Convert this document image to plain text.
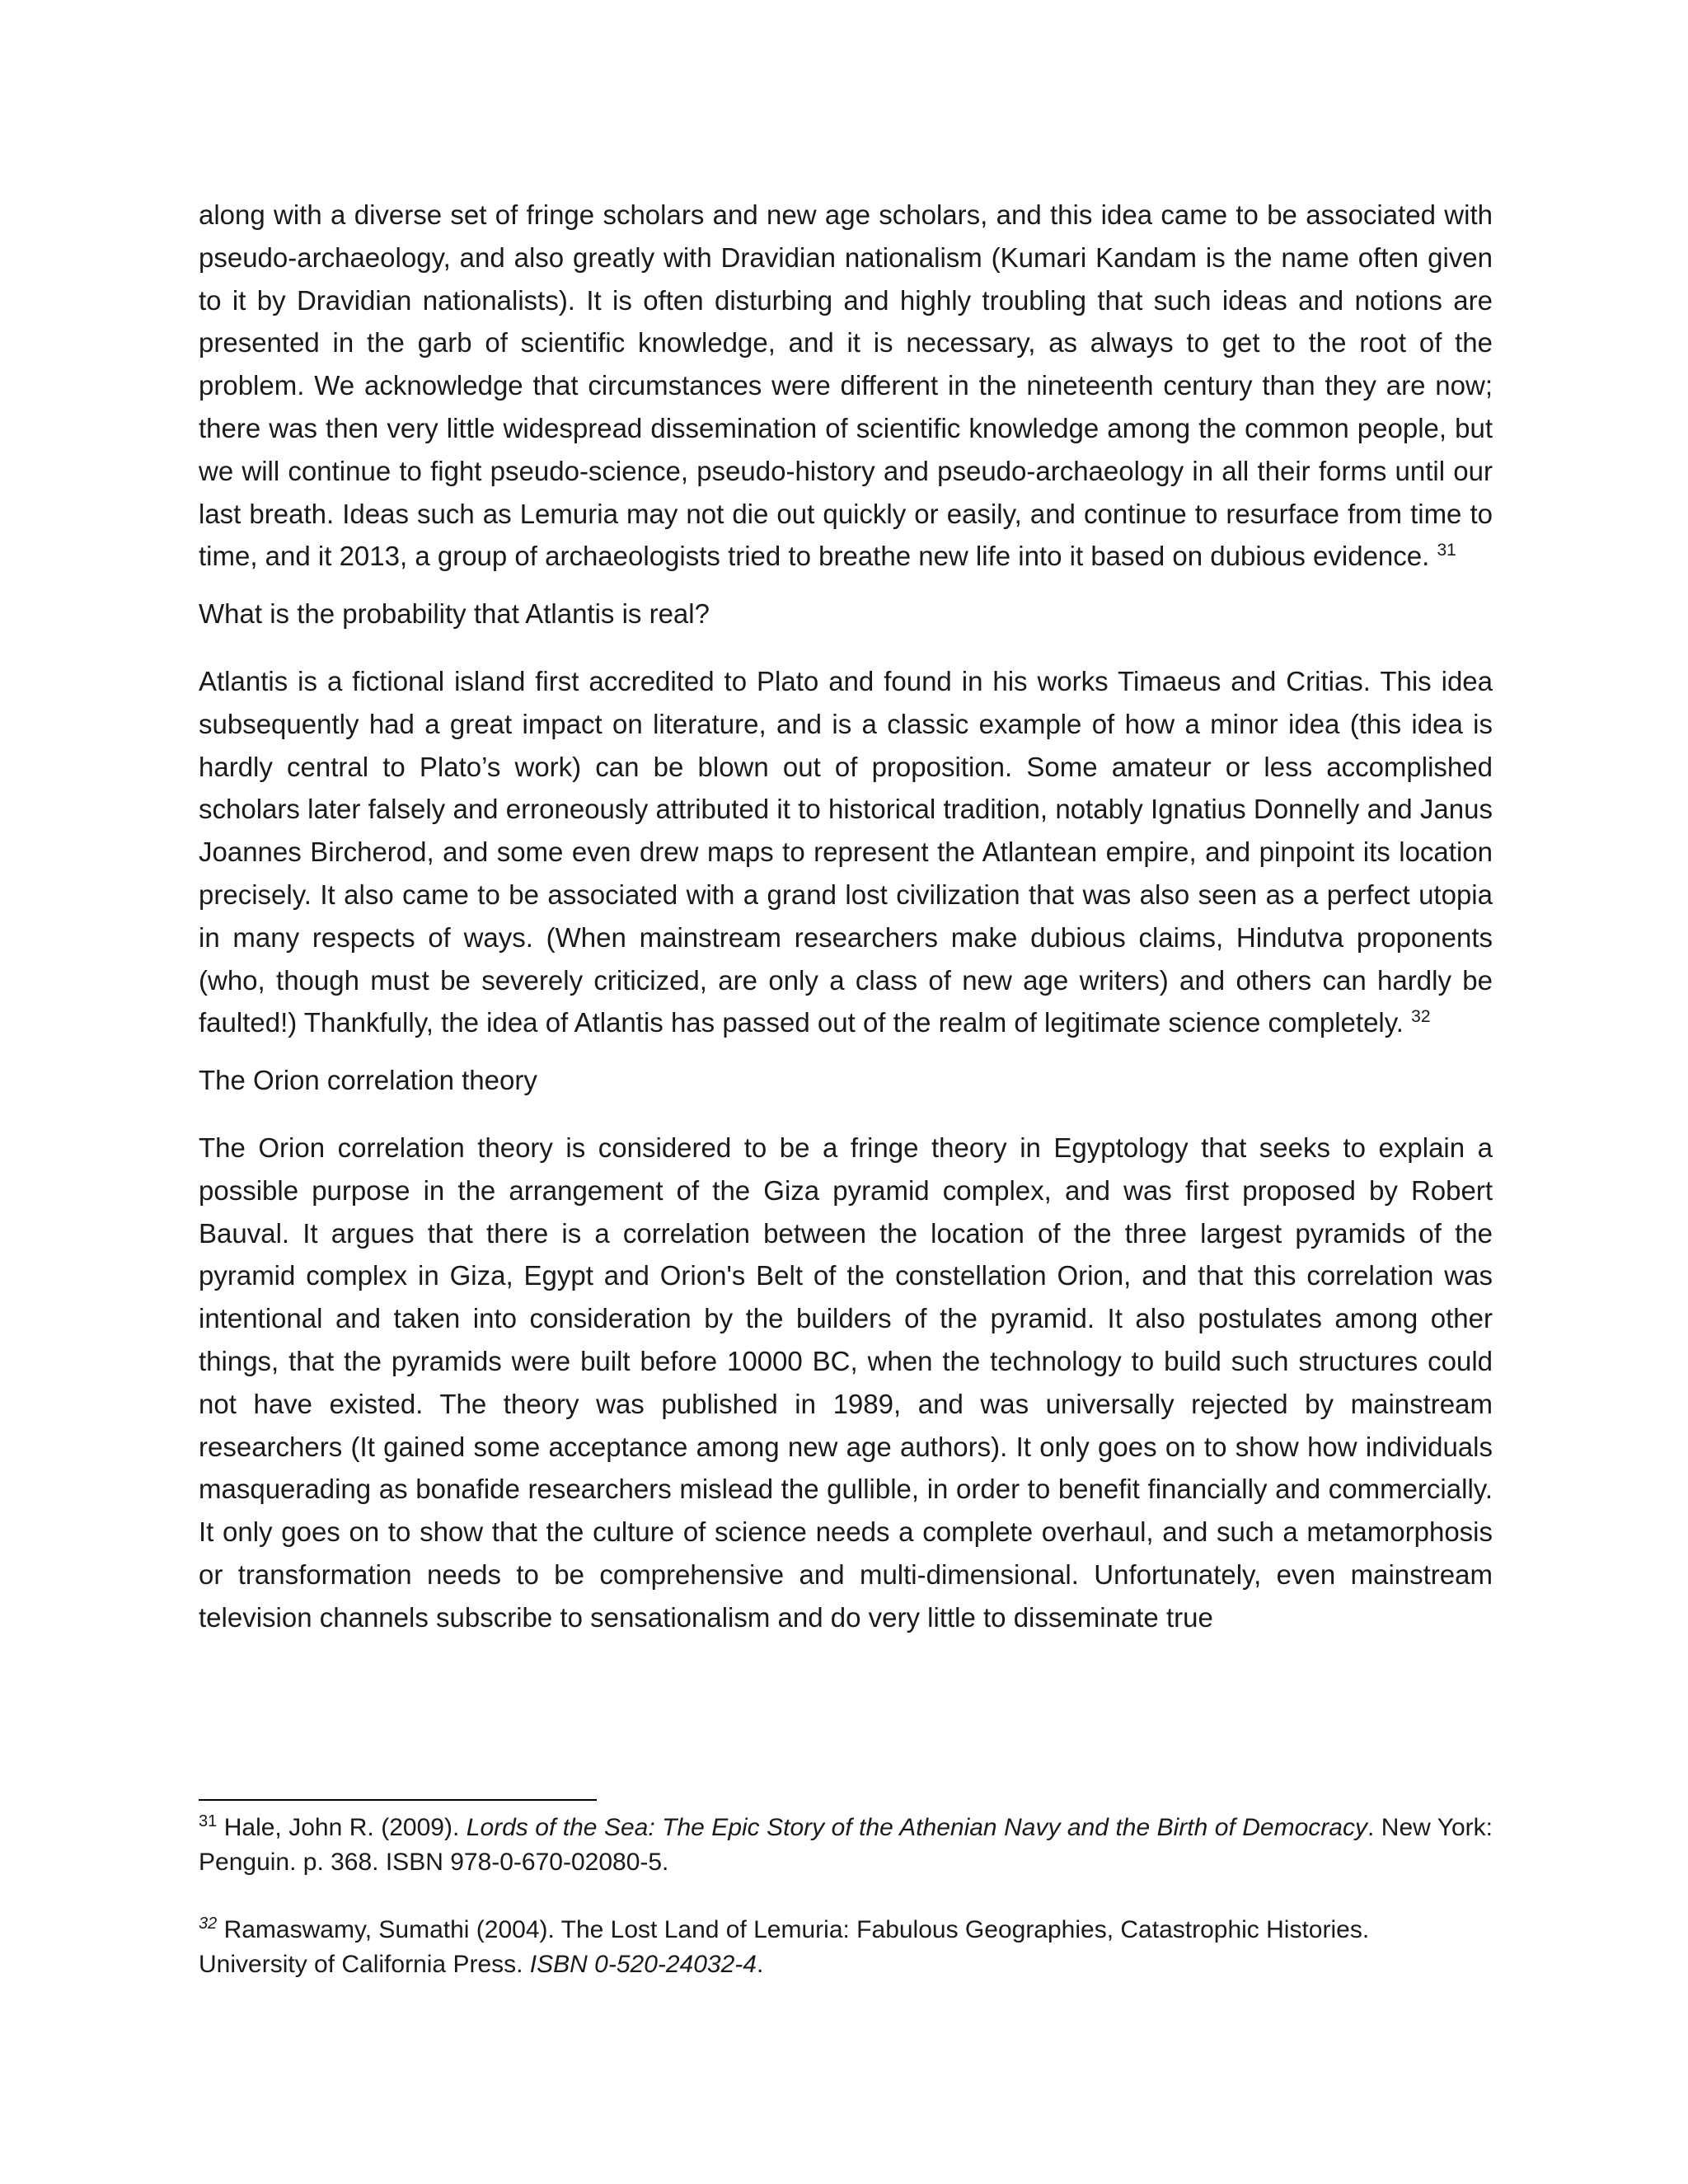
along with a diverse set of fringe scholars and new age scholars, and this idea came to be associated with pseudo-archaeology, and also greatly with Dravidian nationalism (Kumari Kandam is the name often given to it by Dravidian nationalists). It is often disturbing and highly troubling that such ideas and notions are presented in the garb of scientific knowledge, and it is necessary, as always to get to the root of the problem. We acknowledge that circumstances were different in the nineteenth century than they are now; there was then very little widespread dissemination of scientific knowledge among the common people, but we will continue to fight pseudo-science, pseudo-history and pseudo-archaeology in all their forms until our last breath. Ideas such as Lemuria may not die out quickly or easily, and continue to resurface from time to time, and it 2013, a group of archaeologists tried to breathe new life into it based on dubious evidence. $^{31}$

What is the probability that Atlantis is real?

Atlantis is a fictional island first accredited to Plato and found in his works Timaeus and Critias. This idea subsequently had a great impact on literature, and is a classic example of how a minor idea (this idea is hardly central to Plato’s work) can be blown out of proposition. Some amateur or less accomplished scholars later falsely and erroneously attributed it to historical tradition, notably Ignatius Donnelly and Janus Joannes Bircherod, and some even drew maps to represent the Atlantean empire, and pinpoint its location precisely. It also came to be associated with a grand lost civilization that was also seen as a perfect utopia in many respects of ways. (When mainstream researchers make dubious claims, Hindutva proponents (who, though must be severely criticized, are only a class of new age writers) and others can hardly be faulted!) Thankfully, the idea of Atlantis has passed out of the realm of legitimate science completely. $^{32}$

The Orion correlation theory

The Orion correlation theory is considered to be a fringe theory in Egyptology that seeks to explain a possible purpose in the arrangement of the Giza pyramid complex, and was first proposed by Robert Bauval. It argues that there is a correlation between the location of the three largest pyramids of the pyramid complex in Giza, Egypt and Orion's Belt of the constellation Orion, and that this correlation was intentional and taken into consideration by the builders of the pyramid. It also postulates among other things, that the pyramids were built before 10000 BC, when the technology to build such structures could not have existed. The theory was published in 1989, and was universally rejected by mainstream researchers (It gained some acceptance among new age authors). It only goes on to show how individuals masquerading as bonafide researchers mislead the gullible, in order to benefit financially and commercially. It only goes on to show that the culture of science needs a complete overhaul, and such a metamorphosis or transformation needs to be comprehensive and multi-dimensional. Unfortunately, even mainstream television channels subscribe to sensationalism and do very little to disseminate true

$^{31}$ Hale, John R. (2009). Lords of the Sea: The Epic Story of the Athenian Navy and the Birth of Democracy. New York: Penguin. p. 368. ISBN 978-0-670-02080-5.

$^{32}$ Ramaswamy, Sumathi (2004). The Lost Land of Lemuria: Fabulous Geographies, Catastrophic Histories.
University of California Press. ISBN 0-520-24032-4.
